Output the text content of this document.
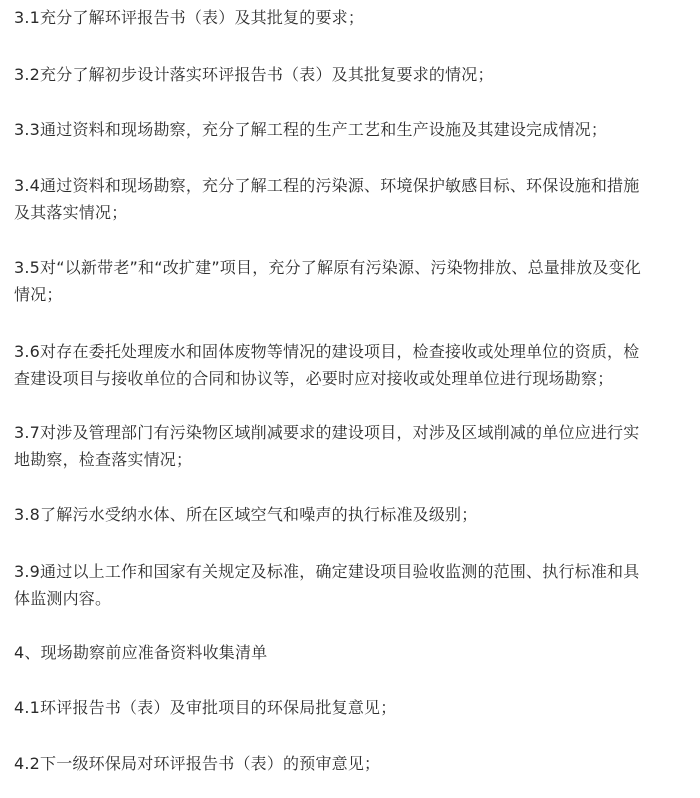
3.1充分了解环评报告书（表）及其批复的要求；

3.2充分了解初步设计落实环评报告书（表）及其批复要求的情况；

3.3通过资料和现场勘察，充分了解工程的生产工艺和生产设施及其建设完成情况；

3.4通过资料和现场勘察，充分了解工程的污染源、环境保护敏感目标、环保设施和措施
及其落实情况；

3.5对“以新带老”和“改扩建”项目，充分了解原有污染源、污染物排放、总量排放及变化
情况；

3.6对存在委托处理废水和固体废物等情况的建设项目，检查接收或处理单位的资质，检
查建设项目与接收单位的合同和协议等，必要时应对接收或处理单位进行现场勘察；

3.7对涉及管理部门有污染物区域削减要求的建设项目，对涉及区域削减的单位应进行实
地勘察，检查落实情况；

3.8了解污水受纳水体、所在区域空气和噪声的执行标准及级别；

3.9通过以上工作和国家有关规定及标准，确定建设项目验收监测的范围、执行标准和具
体监测内容。

4、现场勘察前应准备资料收集清单

4.1环评报告书（表）及审批项目的环保局批复意见；

4.2下一级环保局对环评报告书（表）的预审意见；
